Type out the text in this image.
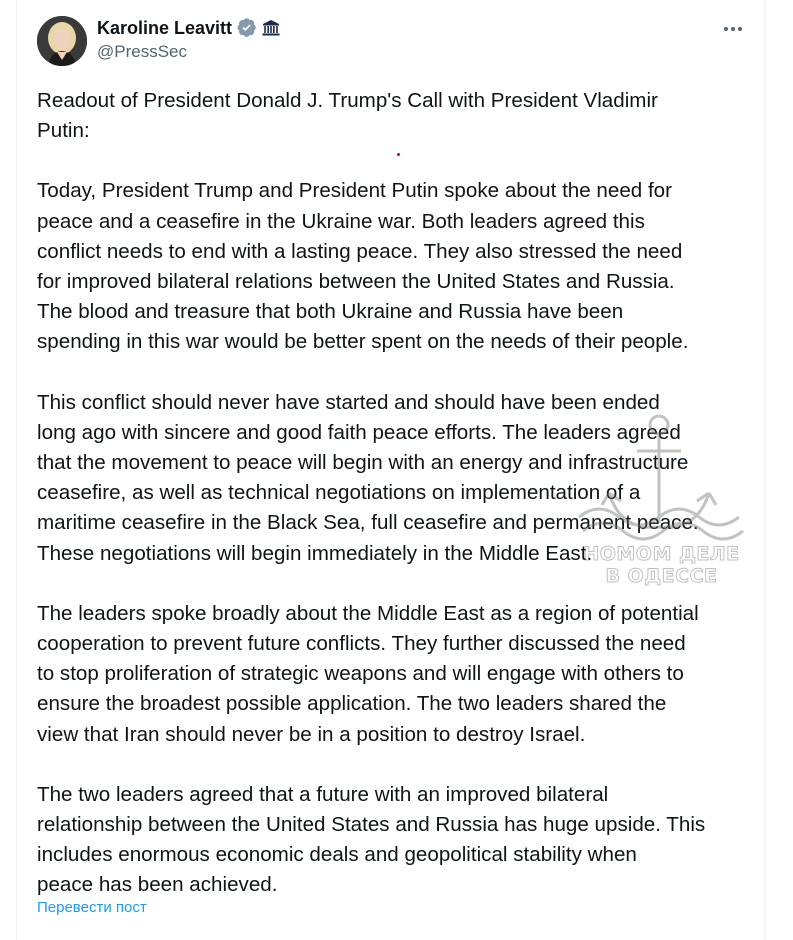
Karoline Leavitt
@PressSec

Readout of President Donald J. Trump's Call with President Vladimir
Putin:

Today, President Trump and President Putin spoke about the need for
peace and a ceasefire in the Ukraine war. Both leaders agreed this
conflict needs to end with a lasting peace. They also stressed the need
for improved bilateral relations between the United States and Russia.
The blood and treasure that both Ukraine and Russia have been
spending in this war would be better spent on the needs of their people.

This conflict should never have started and should have been ended
long ago with sincere and good faith peace efforts. The leaders agreed
that the movement to peace will begin with an energy and infrastructure
ceasefire, as well as technical negotiations on implementation of a
maritime ceasefire in the Black Sea, full ceasefire and permanent peace.
These negotiations will begin immediately in the Middle East.

The leaders spoke broadly about the Middle East as a region of potential
cooperation to prevent future conflicts. They further discussed the need
to stop proliferation of strategic weapons and will engage with others to
ensure the broadest possible application. The two leaders shared the
view that Iran should never be in a position to destroy Israel.

The two leaders agreed that a future with an improved bilateral
relationship between the United States and Russia has huge upside. This
includes enormous economic deals and geopolitical stability when
peace has been achieved.

Перевести пост
НОМОМ ДЕЛЕ
В ОДЕССЕ
